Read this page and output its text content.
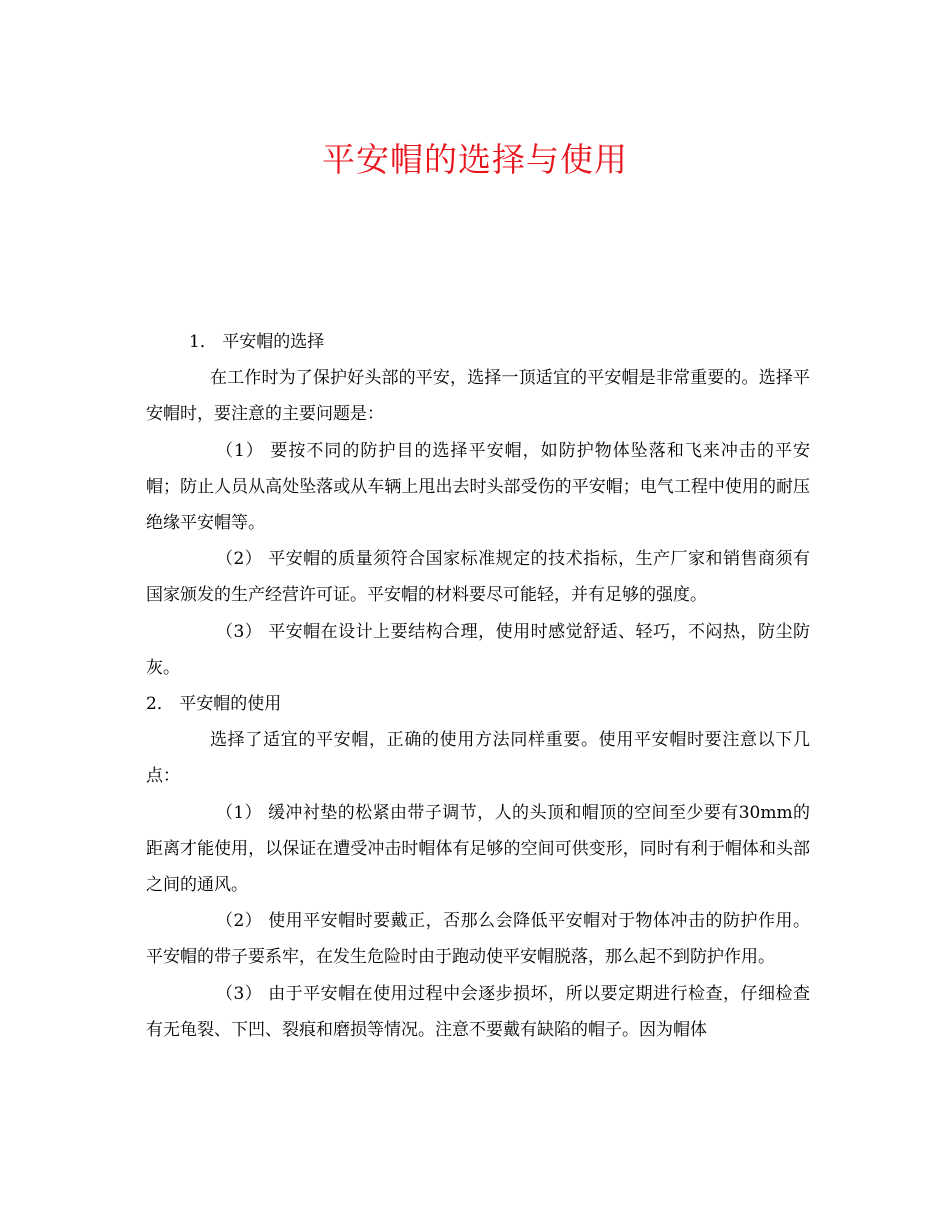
平安帽的选择与使用

1． 平安帽的选择

在工作时为了保护好头部的平安，选择一顶适宜的平安帽是非常重要的。选择平安帽时，要注意的主要问题是：

（1） 要按不同的防护目的选择平安帽，如防护物体坠落和飞来冲击的平安帽；防止人员从高处坠落或从车辆上甩出去时头部受伤的平安帽；电气工程中使用的耐压绝缘平安帽等。

（2） 平安帽的质量须符合国家标准规定的技术指标，生产厂家和销售商须有国家颁发的生产经营许可证。平安帽的材料要尽可能轻，并有足够的强度。

（3） 平安帽在设计上要结构合理，使用时感觉舒适、轻巧，不闷热，防尘防灰。

2． 平安帽的使用

选择了适宜的平安帽，正确的使用方法同样重要。使用平安帽时要注意以下几点：

（1） 缓冲衬垫的松紧由带子调节，人的头顶和帽顶的空间至少要有30mm的距离才能使用，以保证在遭受冲击时帽体有足够的空间可供变形，同时有利于帽体和头部之间的通风。

（2） 使用平安帽时要戴正，否那么会降低平安帽对于物体冲击的防护作用。平安帽的带子要系牢，在发生危险时由于跑动使平安帽脱落，那么起不到防护作用。

（3） 由于平安帽在使用过程中会逐步损坏，所以要定期进行检查，仔细检查有无龟裂、下凹、裂痕和磨损等情况。注意不要戴有缺陷的帽子。因为帽体
